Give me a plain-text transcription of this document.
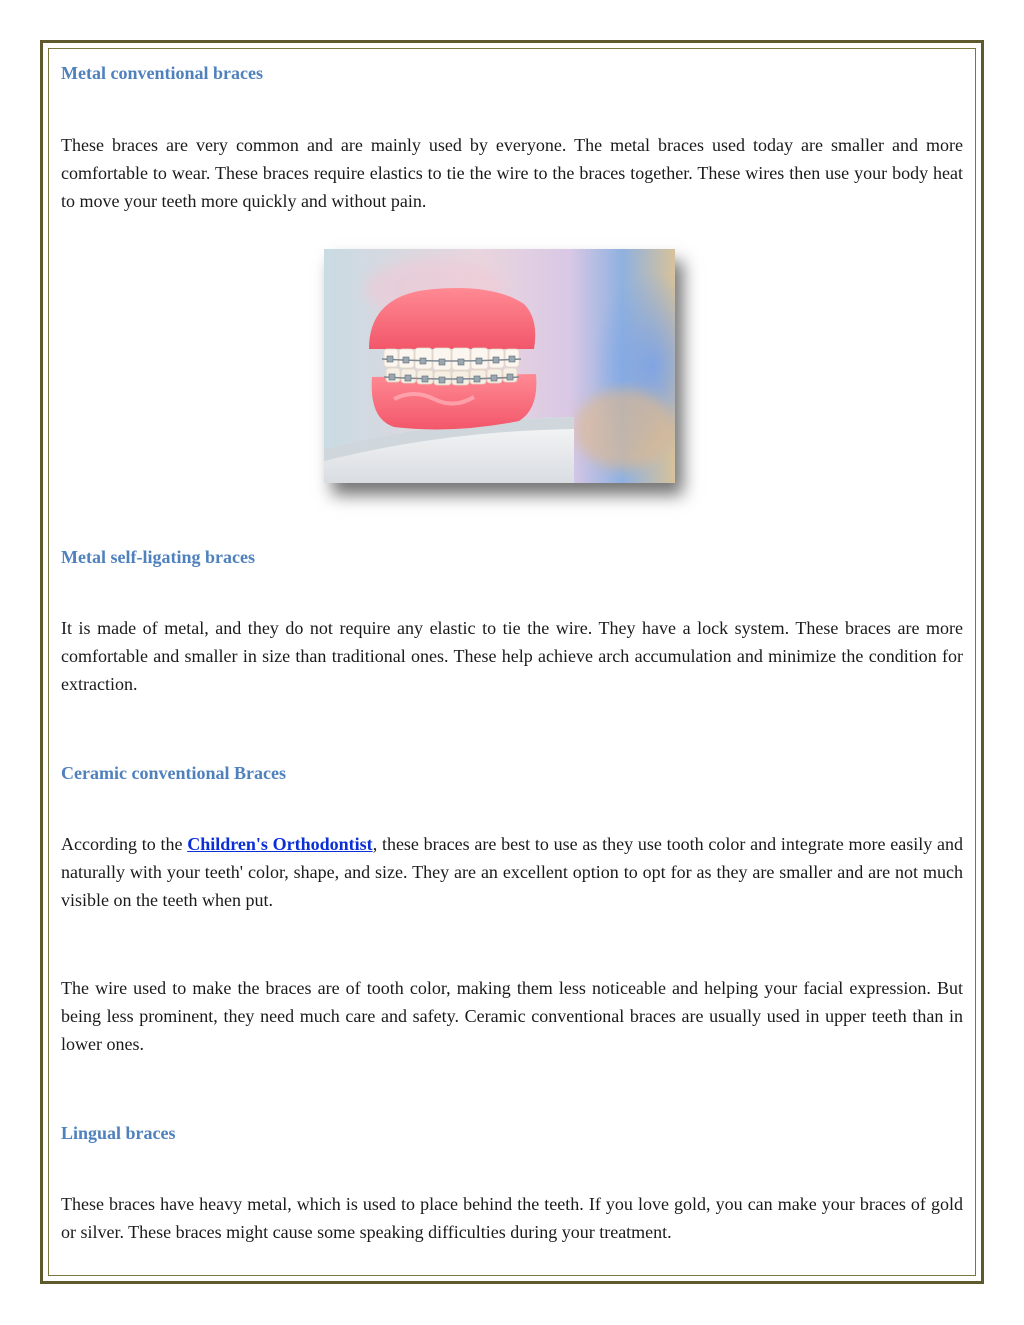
Metal conventional braces

These braces are very common and are mainly used by everyone. The metal braces used today are smaller and more comfortable to wear. These braces require elastics to tie the wire to the braces together. These wires then use your body heat to move your teeth more quickly and without pain.

Metal self-ligating braces

It is made of metal, and they do not require any elastic to tie the wire. They have a lock system. These braces are more comfortable and smaller in size than traditional ones. These help achieve arch accumulation and minimize the condition for extraction.

Ceramic conventional Braces

According to the Children's Orthodontist, these braces are best to use as they use tooth color and integrate more easily and naturally with your teeth' color, shape, and size. They are an excellent option to opt for as they are smaller and are not much visible on the teeth when put.

The wire used to make the braces are of tooth color, making them less noticeable and helping your facial expression. But being less prominent, they need much care and safety. Ceramic conventional braces are usually used in upper teeth than in lower ones.

Lingual braces

These braces have heavy metal, which is used to place behind the teeth. If you love gold, you can make your braces of gold or silver. These braces might cause some speaking difficulties during your treatment.
